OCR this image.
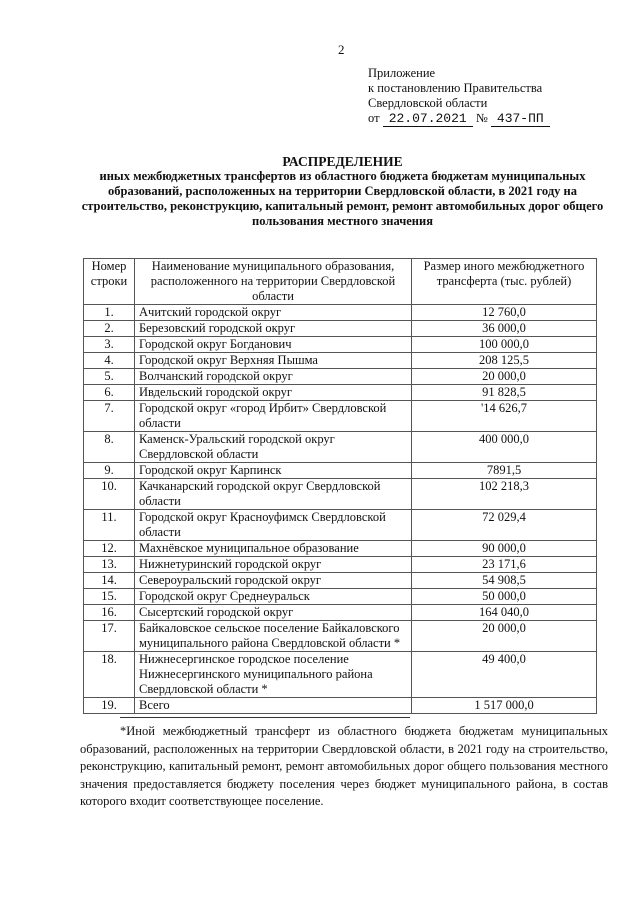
2
Приложение
к постановлению Правительства
Свердловской области
от 22.07.2021 № 437-ПП
РАСПРЕДЕЛЕНИЕ
иных межбюджетных трансфертов из областного бюджета бюджетам муниципальных образований, расположенных на территории Свердловской области, в 2021 году на строительство, реконструкцию, капитальный ремонт, ремонт автомобильных дорог общего пользования местного значения
Номер строки	Наименование муниципального образования, расположенного на территории Свердловской области	Размер иного межбюджетного трансферта (тыс. рублей)
1.	Ачитский городской округ	12 760,0
2.	Березовский городской округ	36 000,0
3.	Городской округ Богданович	100 000,0
4.	Городской округ Верхняя Пышма	208 125,5
5.	Волчанский городской округ	20 000,0
6.	Ивдельский городской округ	91 828,5
7.	Городской округ «город Ирбит» Свердловской области	'14 626,7
8.	Каменск-Уральский городской округ Свердловской области	400 000,0
9.	Городской округ Карпинск	7891,5
10.	Качканарский городской округ Свердловской области	102 218,3
11.	Городской округ Красноуфимск Свердловской области	72 029,4
12.	Махнёвское муниципальное образование	90 000,0
13.	Нижнетуринский городской округ	23 171,6
14.	Североуральский городской округ	54 908,5
15.	Городской округ Среднеуральск	50 000,0
16.	Сысертский городской округ	164 040,0
17.	Байкаловское сельское поселение Байкаловского муниципального района Свердловской области *	20 000,0
18.	Нижнесергинское городское поселение Нижнесергинского муниципального района Свердловской области *	49 400,0
19.	Всего	1 517 000,0
*Иной межбюджетный трансферт из областного бюджета бюджетам муниципальных образований, расположенных на территории Свердловской области, в 2021 году на строительство, реконструкцию, капитальный ремонт, ремонт автомобильных дорог общего пользования местного значения предоставляется бюджету поселения через бюджет муниципального района, в состав которого входит соответствующее поселение.
